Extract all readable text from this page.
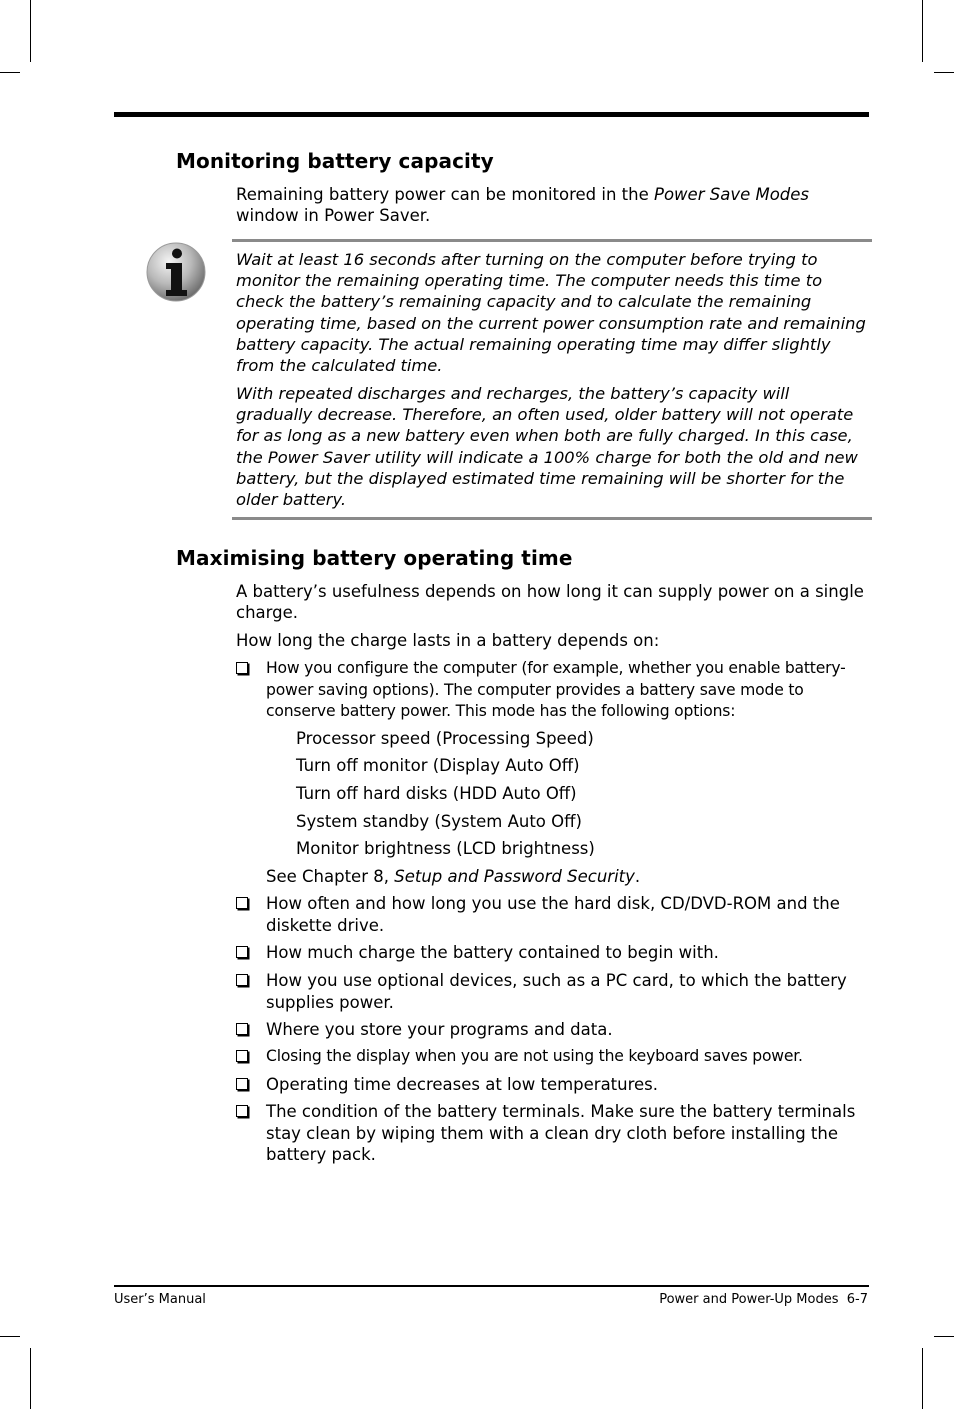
Monitoring battery capacity

Remaining battery power can be monitored in the Power Save Modes window in Power Saver.

Wait at least 16 seconds after turning on the computer before trying to monitor the remaining operating time. The computer needs this time to check the battery’s remaining capacity and to calculate the remaining operating time, based on the current power consumption rate and remaining battery capacity. The actual remaining operating time may differ slightly from the calculated time.

With repeated discharges and recharges, the battery’s capacity will gradually decrease. Therefore, an often used, older battery will not operate for as long as a new battery even when both are fully charged. In this case, the Power Saver utility will indicate a 100% charge for both the old and new battery, but the displayed estimated time remaining will be shorter for the older battery.

Maximising battery operating time

A battery’s usefulness depends on how long it can supply power on a single charge.

How long the charge lasts in a battery depends on:

How you configure the computer (for example, whether you enable battery-power saving options). The computer provides a battery save mode to conserve battery power. This mode has the following options:

Processor speed (Processing Speed)

Turn off monitor (Display Auto Off)

Turn off hard disks (HDD Auto Off)

System standby (System Auto Off)

Monitor brightness (LCD brightness)

See Chapter 8, Setup and Password Security.

How often and how long you use the hard disk, CD/DVD-ROM and the diskette drive.

How much charge the battery contained to begin with.

How you use optional devices, such as a PC card, to which the battery supplies power.

Where you store your programs and data.

Closing the display when you are not using the keyboard saves power.

Operating time decreases at low temperatures.

The condition of the battery terminals. Make sure the battery terminals stay clean by wiping them with a clean dry cloth before installing the battery pack.

User’s Manual	Power and Power-Up Modes  6-7
